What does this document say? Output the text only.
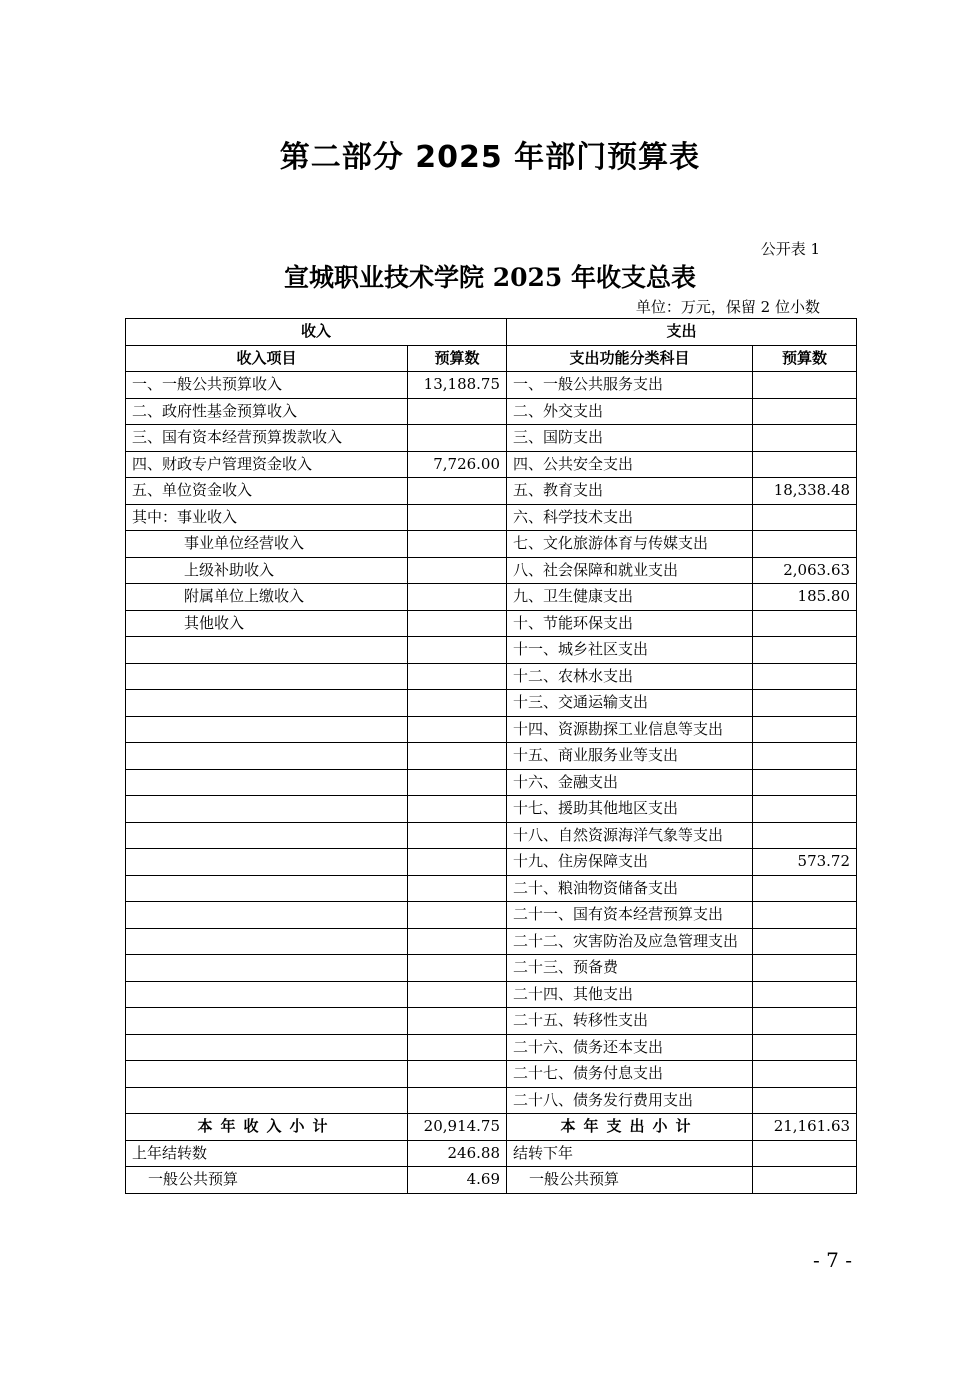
第二部分 2025 年部门预算表
公开表 1
宣城职业技术学院 2025 年收支总表
单位：万元，保留 2 位小数
收入		支出	
收入项目	预算数	支出功能分类科目	预算数
一、一般公共预算收入	13,188.75	一、一般公共服务支出	
二、政府性基金预算收入		二、外交支出	
三、国有资本经营预算拨款收入		三、国防支出	
四、财政专户管理资金收入	7,726.00	四、公共安全支出	
五、单位资金收入		五、教育支出	18,338.48
其中：事业收入		六、科学技术支出	
事业单位经营收入		七、文化旅游体育与传媒支出	
上级补助收入		八、社会保障和就业支出	2,063.63
附属单位上缴收入		九、卫生健康支出	185.80
其他收入		十、节能环保支出	
		十一、城乡社区支出	
		十二、农林水支出	
		十三、交通运输支出	
		十四、资源勘探工业信息等支出	
		十五、商业服务业等支出	
		十六、金融支出	
		十七、援助其他地区支出	
		十八、自然资源海洋气象等支出	
		十九、住房保障支出	573.72
		二十、粮油物资储备支出	
		二十一、国有资本经营预算支出	
		二十二、灾害防治及应急管理支出	
		二十三、预备费	
		二十四、其他支出	
		二十五、转移性支出	
		二十六、债务还本支出	
		二十七、债务付息支出	
		二十八、债务发行费用支出	
本年收入小计	20,914.75	本年支出小计	21,161.63
上年结转数	246.88	结转下年	
一般公共预算	4.69	一般公共预算	
- 7 -
